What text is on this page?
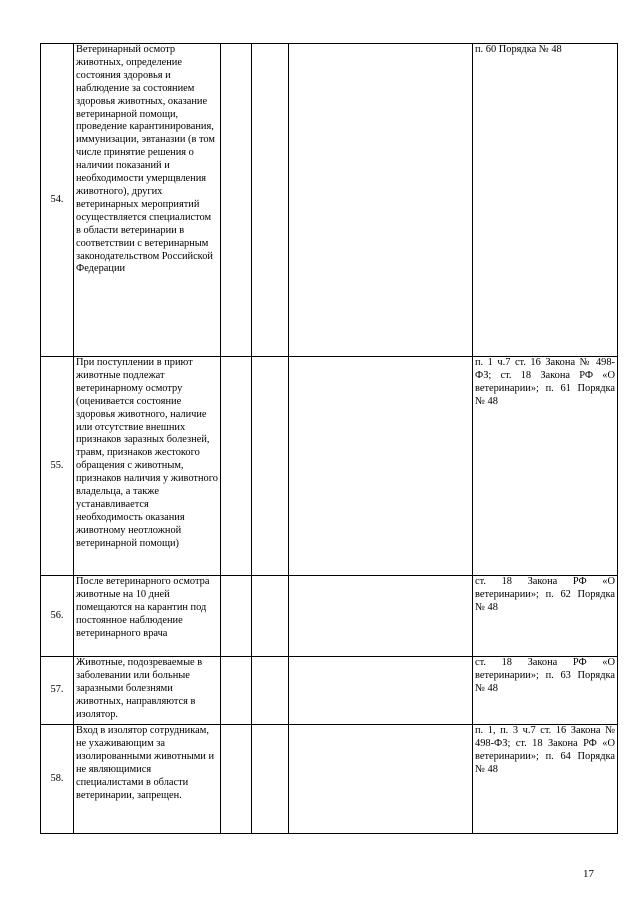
54.	Ветеринарный осмотр животных, определение состояния здоровья и наблюдение за состоянием здоровья животных, оказание ветеринарной помощи, проведение карантинирования, иммунизации, эвтаназии (в том числе принятие решения о наличии показаний и необходимости умерщвления животного), других ветеринарных мероприятий осуществляется специалистом в области ветеринарии в соответствии с ветеринарным законодательством Российской Федерации				п. 60 Порядка № 48
55.	При поступлении в приют животные подлежат ветеринарному осмотру (оценивается состояние здоровья животного, наличие или отсутствие внешних признаков заразных болезней, травм, признаков жестокого обращения с животным, признаков наличия у животного владельца, а также устанавливается необходимость оказания животному неотложной ветеринарной помощи)				п. 1 ч.7 ст. 16 Закона № 498-ФЗ; ст. 18 Закона РФ «О ветеринарии»; п. 61 Порядка № 48
56.	После ветеринарного осмотра животные на 10 дней помещаются на карантин под постоянное наблюдение ветеринарного врача				ст. 18 Закона РФ «О ветеринарии»; п. 62 Порядка № 48
57.	Животные, подозреваемые в заболевании или больные заразными болезнями животных, направляются в изолятор.				ст. 18 Закона РФ «О ветеринарии»; п. 63 Порядка № 48
58.	Вход в изолятор сотрудникам, не ухаживающим за изолированными животными и не являющимися специалистами в области ветеринарии, запрещен.				п. 1, п. 3 ч.7 ст. 16 Закона № 498-ФЗ; ст. 18 Закона РФ «О ветеринарии»; п. 64 Порядка № 48
17
